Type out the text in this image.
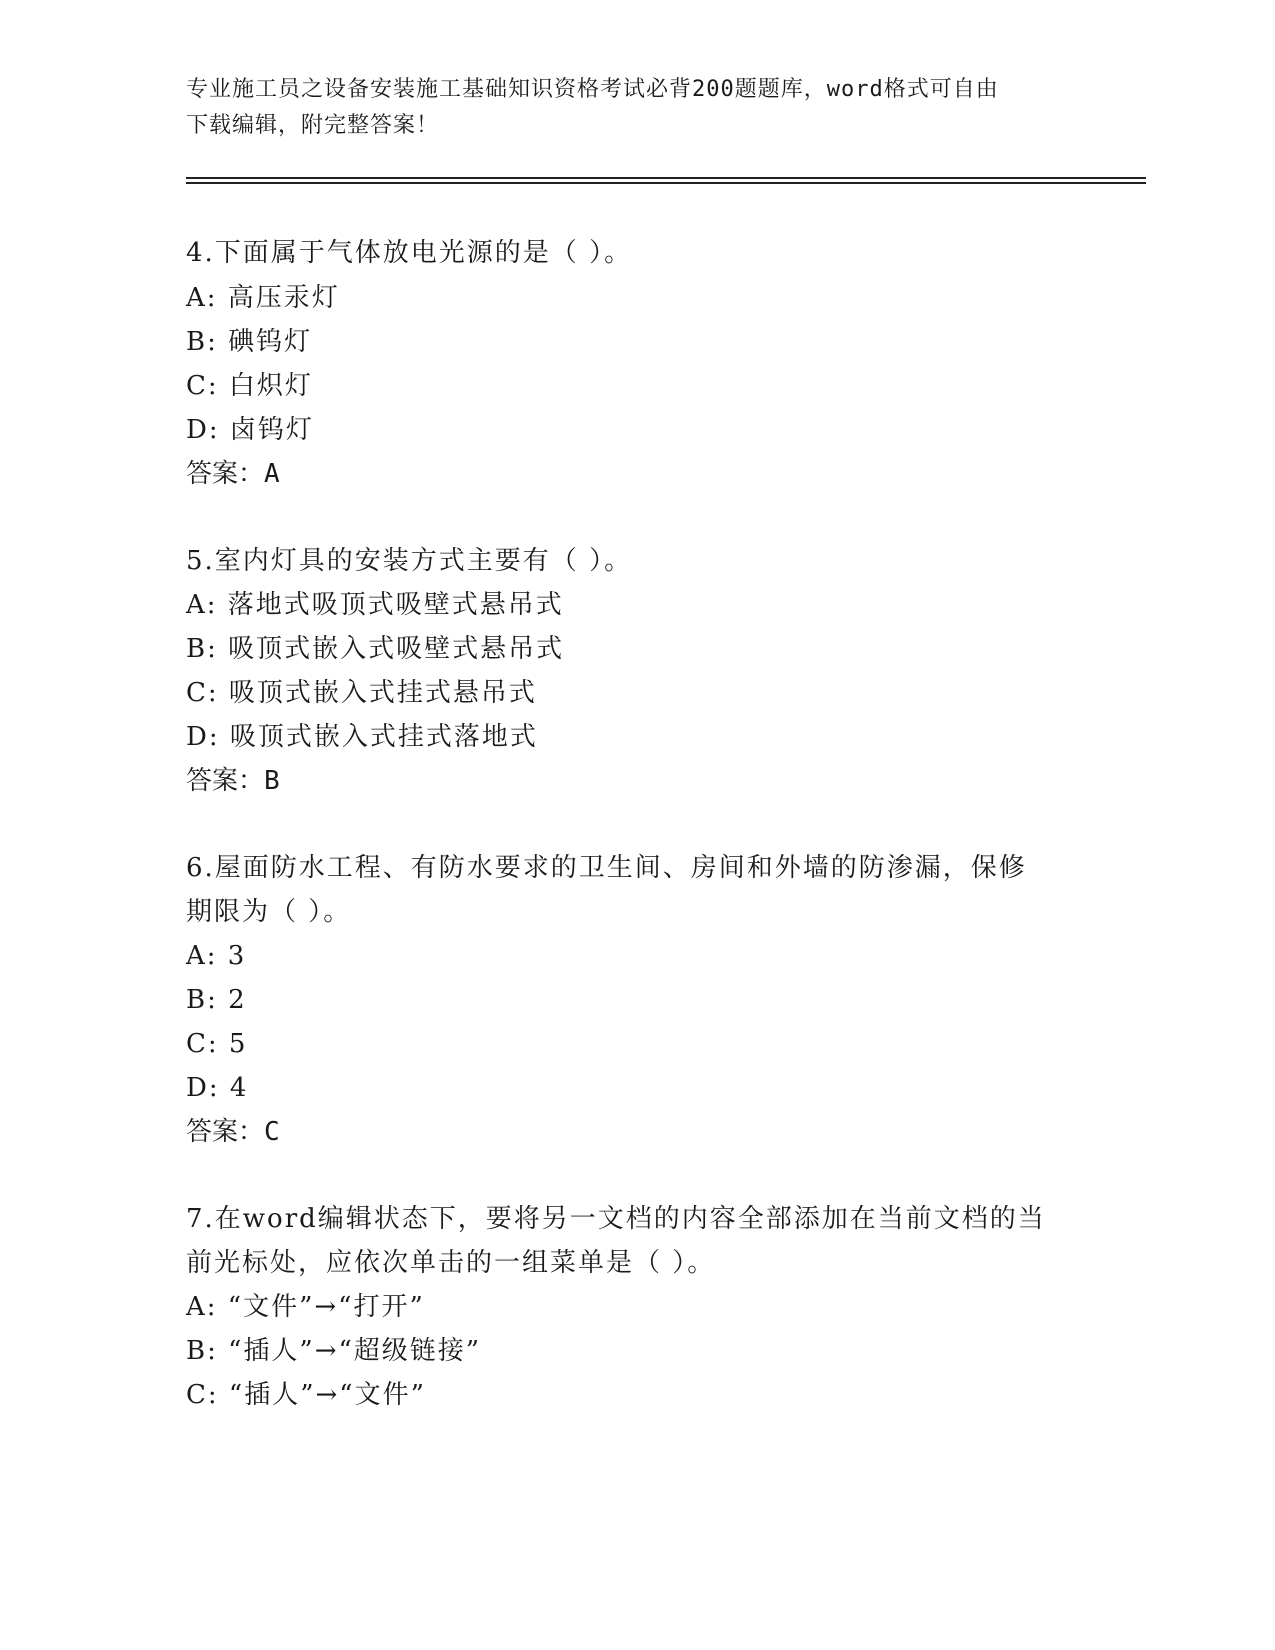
专业施工员之设备安装施工基础知识资格考试必背200题题库，word格式可自由
下载编辑，附完整答案！
4.下面属于气体放电光源的是（ ）。
A: 高压汞灯
B: 碘钨灯
C: 白炽灯
D: 卤钨灯
答案：A
5.室内灯具的安装方式主要有（ ）。
A: 落地式吸顶式吸壁式悬吊式
B: 吸顶式嵌入式吸壁式悬吊式
C: 吸顶式嵌入式挂式悬吊式
D: 吸顶式嵌入式挂式落地式
答案：B
6.屋面防水工程、有防水要求的卫生间、房间和外墙的防渗漏，保修
期限为（ ）。
A: 3
B: 2
C: 5
D: 4
答案：C
7.在word编辑状态下，要将另一文档的内容全部添加在当前文档的当
前光标处，应依次单击的一组菜单是（ ）。
A: “文件”→“打开”
B: “插人”→“超级链接”
C: “插人”→“文件”
